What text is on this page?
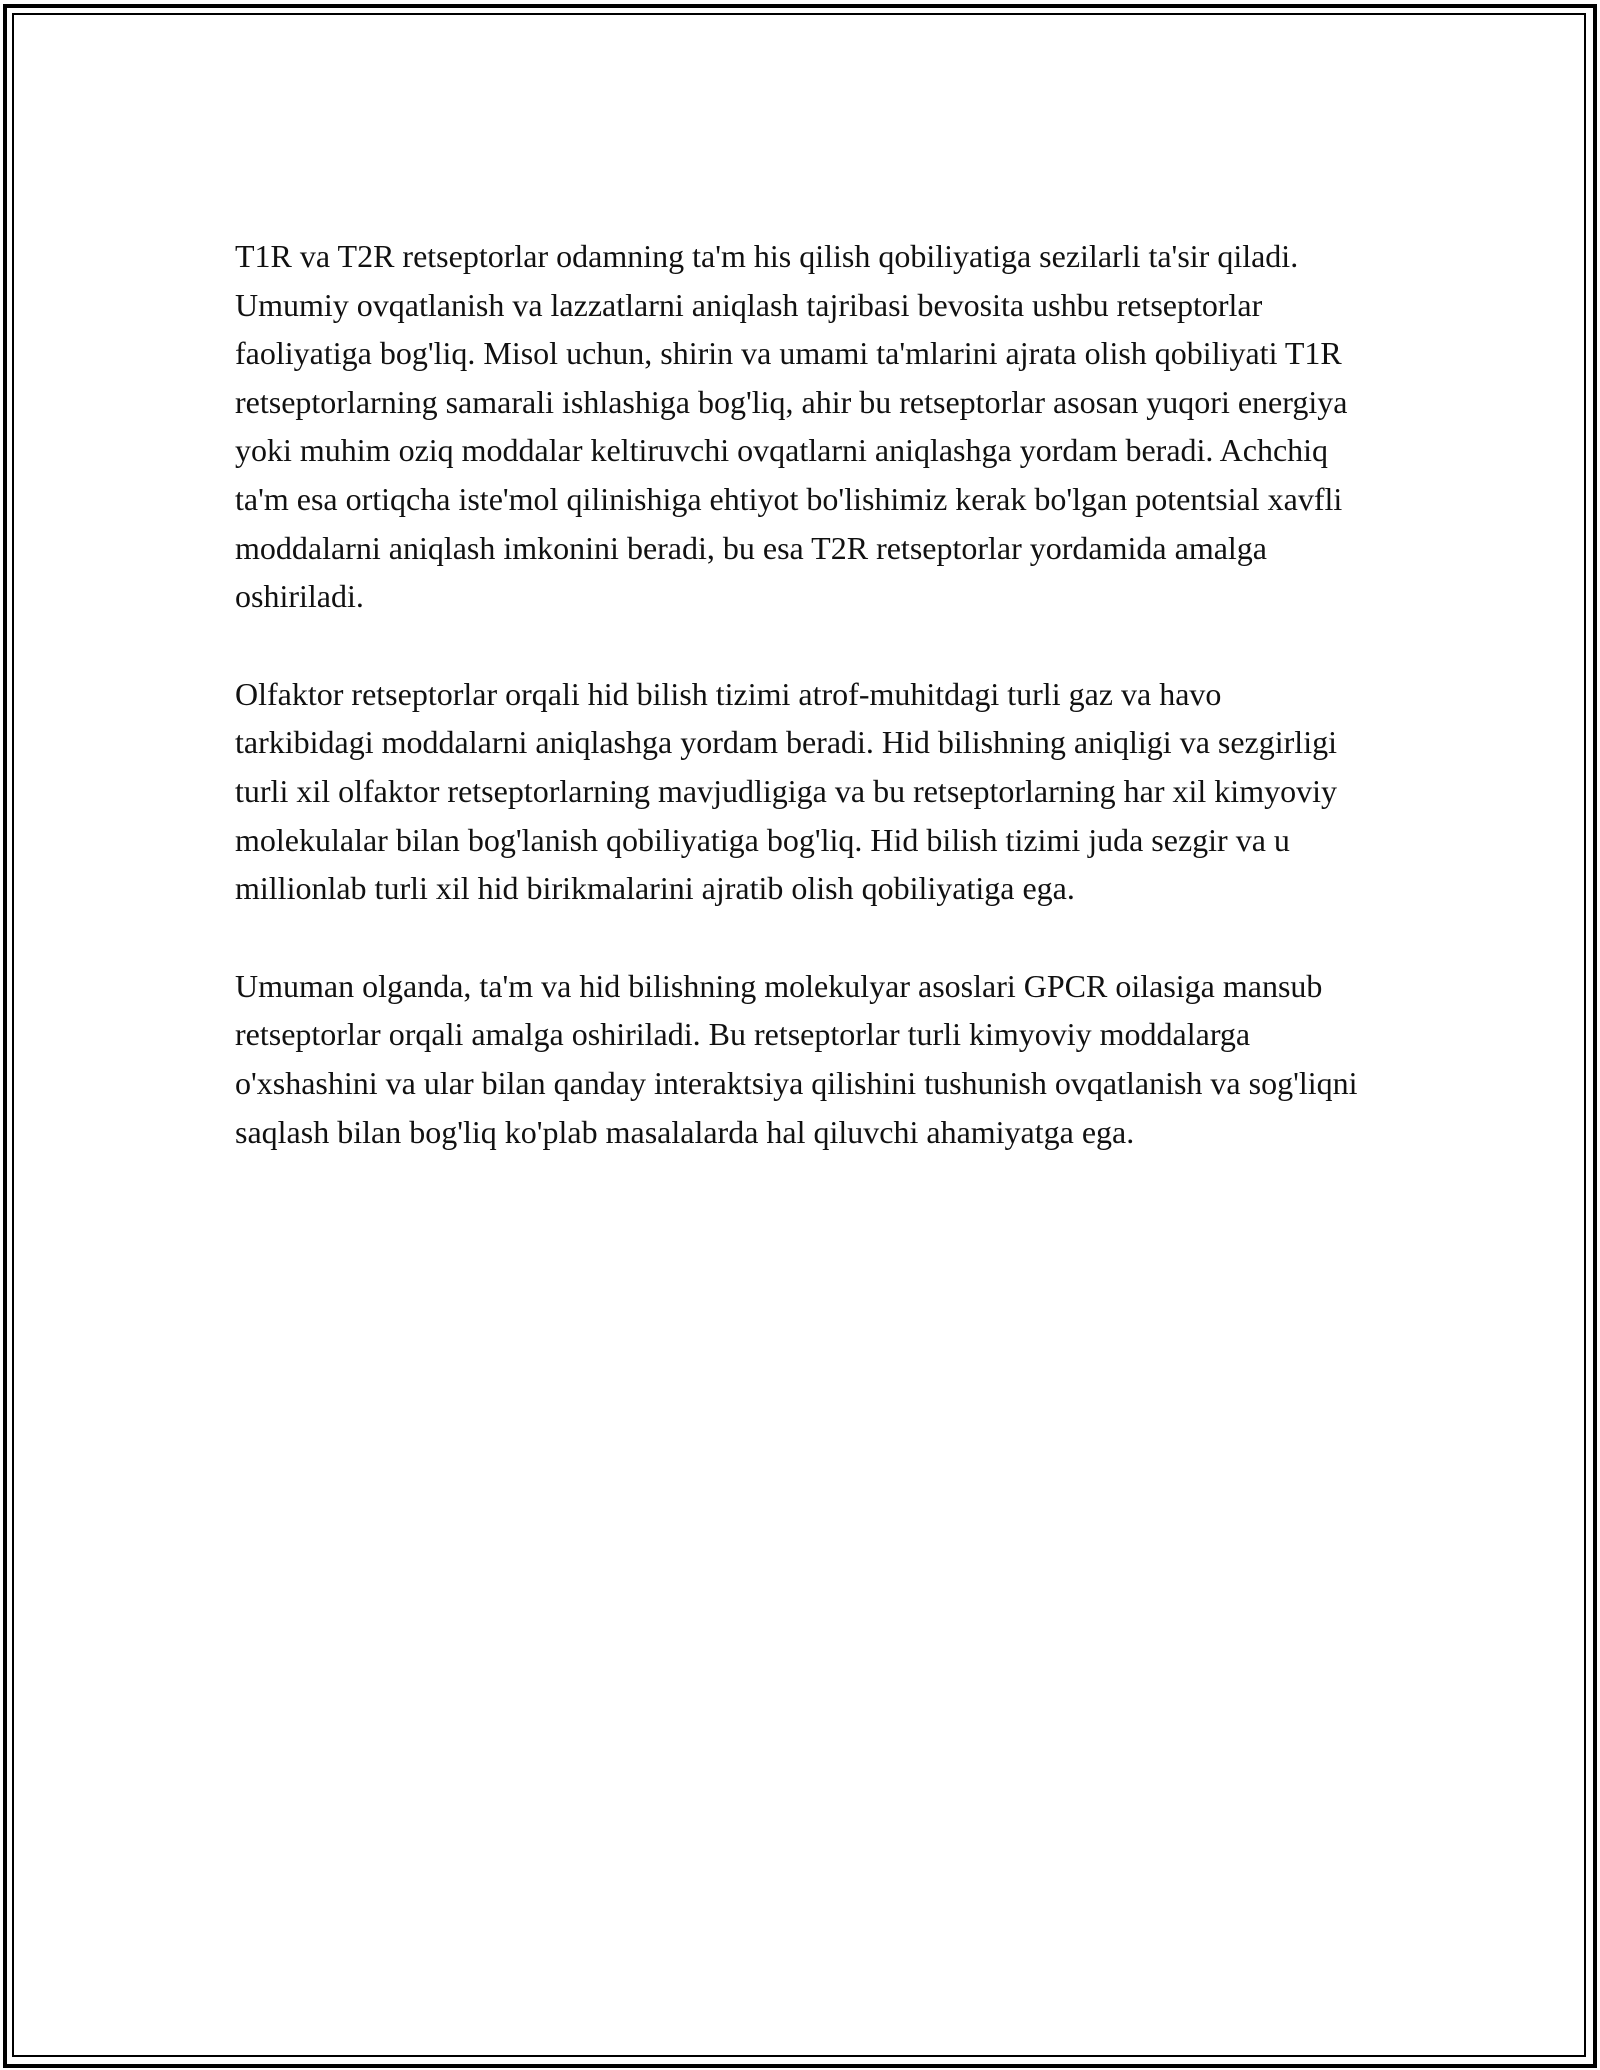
T1R va T2R retseptorlar odamning ta'm his qilish qobiliyatiga sezilarli ta'sir qiladi. Umumiy ovqatlanish va lazzatlarni aniqlash tajribasi bevosita ushbu retseptorlar faoliyatiga bog'liq. Misol uchun, shirin va umami ta'mlarini ajrata olish qobiliyati T1R retseptorlarning samarali ishlashiga bog'liq, ahir bu retseptorlar asosan yuqori energiya yoki muhim oziq moddalar keltiruvchi ovqatlarni aniqlashga yordam beradi. Achchiq ta'm esa ortiqcha iste'mol qilinishiga ehtiyot bo'lishimiz kerak bo'lgan potentsial xavfli moddalarni aniqlash imkonini beradi, bu esa T2R retseptorlar yordamida amalga oshiriladi.

Olfaktor retseptorlar orqali hid bilish tizimi atrof-muhitdagi turli gaz va havo tarkibidagi moddalarni aniqlashga yordam beradi. Hid bilishning aniqligi va sezgirligi turli xil olfaktor retseptorlarning mavjudligiga va bu retseptorlarning har xil kimyoviy molekulalar bilan bog'lanish qobiliyatiga bog'liq. Hid bilish tizimi juda sezgir va u millionlab turli xil hid birikmalarini ajratib olish qobiliyatiga ega.

Umuman olganda, ta'm va hid bilishning molekulyar asoslari GPCR oilasiga mansub retseptorlar orqali amalga oshiriladi. Bu retseptorlar turli kimyoviy moddalarga o'xshashini va ular bilan qanday interaktsiya qilishini tushunish ovqatlanish va sog'liqni saqlash bilan bog'liq ko'plab masalalarda hal qiluvchi ahamiyatga ega.
